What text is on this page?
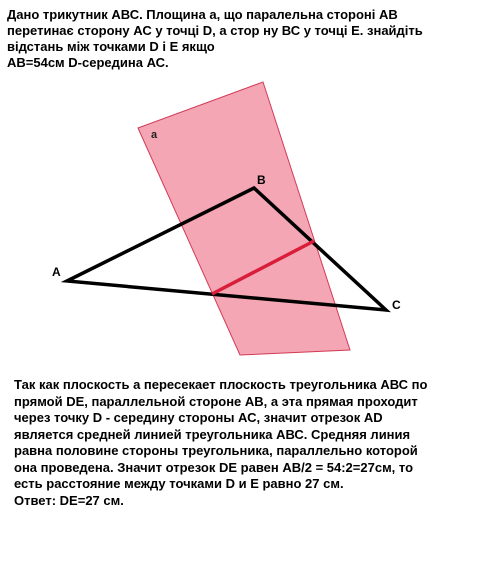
Дано трикутник АВС. Площина а, що паралельна стороні АВ
перетинає сторону АС у точці D, а стор ну ВС у точці Е. знайдіть
відстань між точками D і Е якщо
АВ=54см D-середина АС.
а
A
B
C
Так как плоскость а пересекает плоскость треугольника АВС по
прямой DE, параллельной стороне АВ, а эта прямая проходит
через точку D - середину стороны АС, значит отрезок AD
является средней линией треугольника АВС. Средняя линия
равна половине стороны треугольника, параллельно которой
она проведена. Значит отрезок DE равен АВ/2 = 54:2=27см, то
есть расстояние между точками D и E равно 27 см.
Ответ: DE=27 см.
